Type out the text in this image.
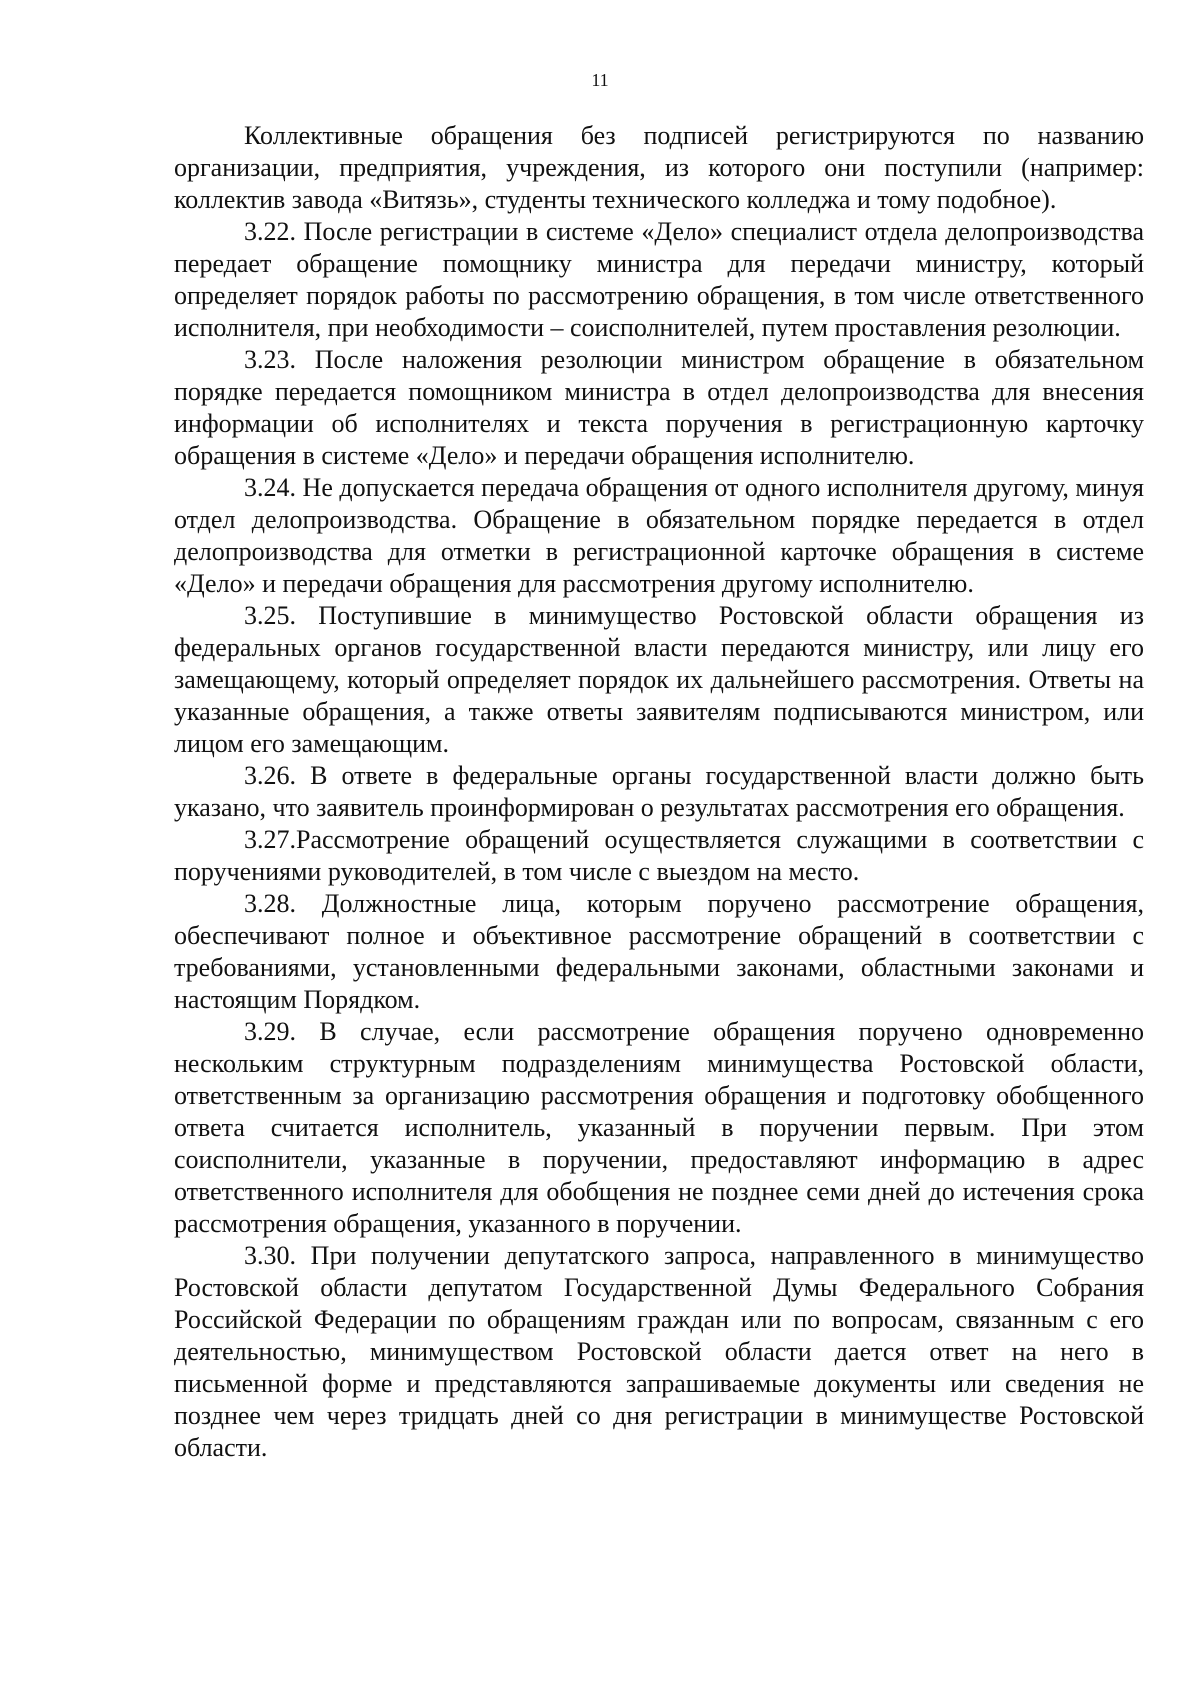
11

Коллективные обращения без подписей регистрируются по названию организации, предприятия, учреждения, из которого они поступили (например: коллектив завода «Витязь», студенты технического колледжа и тому подобное).

3.22. После регистрации в системе «Дело» специалист отдела делопроизводства передает обращение помощнику министра для передачи министру, который определяет порядок работы по рассмотрению обращения, в том числе ответственного исполнителя, при необходимости – соисполнителей, путем проставления резолюции.

3.23. После наложения резолюции министром обращение в обязательном порядке передается помощником министра в отдел делопроизводства для внесения информации об исполнителях и текста поручения в регистрационную карточку обращения в системе «Дело» и передачи обращения исполнителю.

3.24. Не допускается передача обращения от одного исполнителя другому, минуя отдел делопроизводства. Обращение в обязательном порядке передается в отдел делопроизводства для отметки в регистрационной карточке обращения в системе «Дело» и передачи обращения для рассмотрения другому исполнителю.

3.25. Поступившие в минимущество Ростовской области обращения из федеральных органов государственной власти передаются министру, или лицу его замещающему, который определяет порядок их дальнейшего рассмотрения. Ответы на указанные обращения, а также ответы заявителям подписываются министром, или лицом его замещающим.

3.26. В ответе в федеральные органы государственной власти должно быть указано, что заявитель проинформирован о результатах рассмотрения его обращения.

3.27.Рассмотрение обращений осуществляется служащими в соответствии с поручениями руководителей, в том числе с выездом на место.

3.28. Должностные лица, которым поручено рассмотрение обращения, обеспечивают полное и объективное рассмотрение обращений в соответствии с требованиями, установленными федеральными законами, областными законами и настоящим Порядком.

3.29. В случае, если рассмотрение обращения поручено одновременно нескольким структурным подразделениям минимущества Ростовской области, ответственным за организацию рассмотрения обращения и подготовку обобщенного ответа считается исполнитель, указанный в поручении первым. При этом соисполнители, указанные в поручении, предоставляют информацию в адрес ответственного исполнителя для обобщения не позднее семи дней до истечения срока рассмотрения обращения, указанного в поручении.

3.30. При получении депутатского запроса, направленного в минимущество Ростовской области депутатом Государственной Думы Федерального Собрания Российской Федерации по обращениям граждан или по вопросам, связанным с его деятельностью, минимуществом Ростовской области дается ответ на него в письменной форме и представляются запрашиваемые документы или сведения не позднее чем через тридцать дней со дня регистрации в минимуществе Ростовской области.
